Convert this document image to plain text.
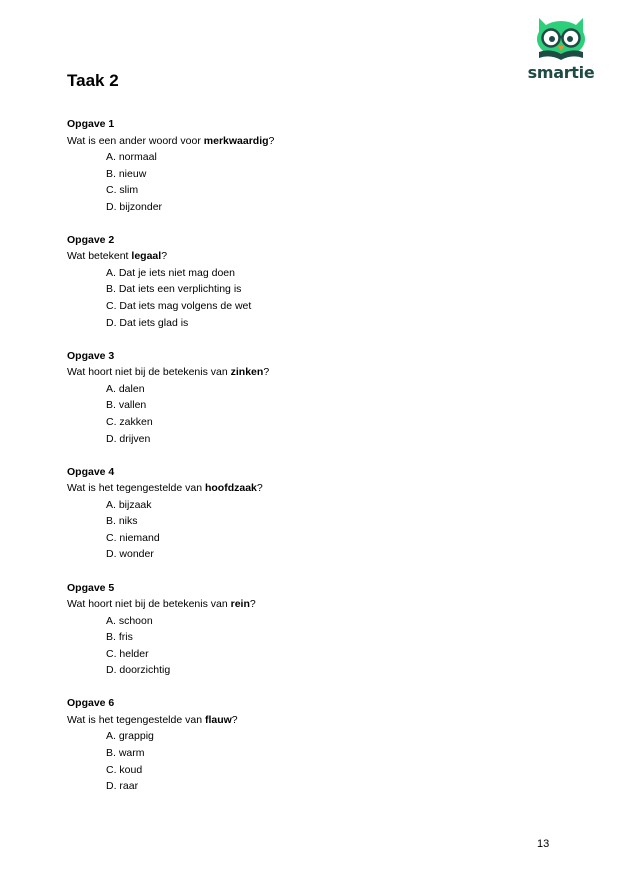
smartie
Taak 2
Opgave 1
Wat is een ander woord voor merkwaardig?
A. normaal
B. nieuw
C. slim
D. bijzonder
Opgave 2
Wat betekent legaal?
A. Dat je iets niet mag doen
B. Dat iets een verplichting is
C. Dat iets mag volgens de wet
D. Dat iets glad is
Opgave 3
Wat hoort niet bij de betekenis van zinken?
A. dalen
B. vallen
C. zakken
D. drijven
Opgave 4
Wat is het tegengestelde van hoofdzaak?
A. bijzaak
B. niks
C. niemand
D. wonder
Opgave 5
Wat hoort niet bij de betekenis van rein?
A. schoon
B. fris
C. helder
D. doorzichtig
Opgave 6
Wat is het tegengestelde van flauw?
A. grappig
B. warm
C. koud
D. raar
13
